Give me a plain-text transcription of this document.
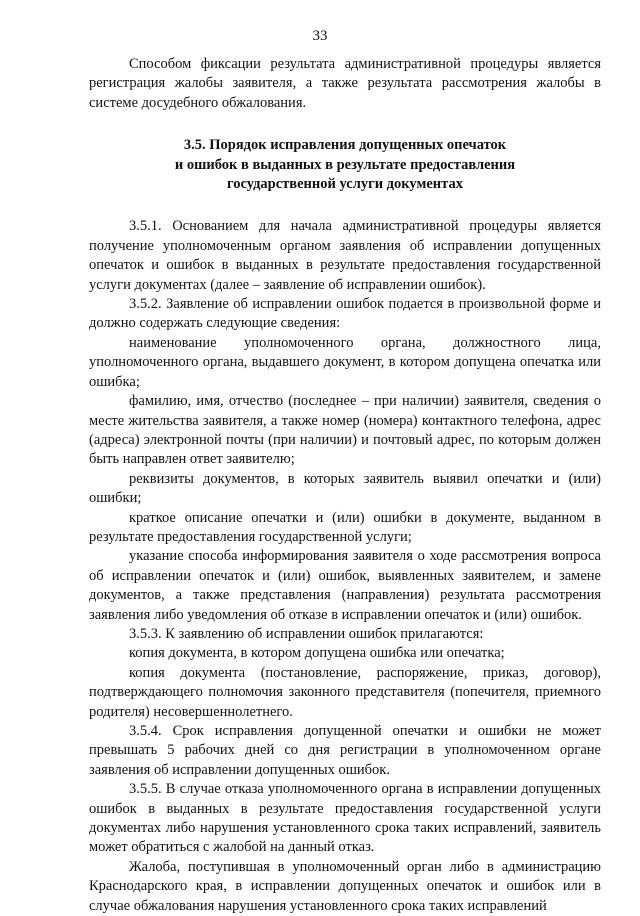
33

Способом фиксации результата административной процедуры является регистрация жалобы заявителя, а также результата рассмотрения жалобы в системе досудебного обжалования.

3.5. Порядок исправления допущенных опечаток
и ошибок в выданных в результате предоставления
государственной услуги документах

3.5.1. Основанием для начала административной процедуры является получение уполномоченным органом заявления об исправлении допущенных опечаток и ошибок в выданных в результате предоставления государственной услуги документах (далее – заявление об исправлении ошибок).

3.5.2. Заявление об исправлении ошибок подается в произвольной форме и должно содержать следующие сведения:

наименование уполномоченного органа, должностного лица, уполномоченного органа, выдавшего документ, в котором допущена опечатка или ошибка;

фамилию, имя, отчество (последнее – при наличии) заявителя, сведения о месте жительства заявителя, а также номер (номера) контактного телефона, адрес (адреса) электронной почты (при наличии) и почтовый адрес, по которым должен быть направлен ответ заявителю;

реквизиты документов, в которых заявитель выявил опечатки и (или) ошибки;

краткое описание опечатки и (или) ошибки в документе, выданном в результате предоставления государственной услуги;

указание способа информирования заявителя о ходе рассмотрения вопроса об исправлении опечаток и (или) ошибок, выявленных заявителем, и замене документов, а также представления (направления) результата рассмотрения заявления либо уведомления об отказе в исправлении опечаток и (или) ошибок.

3.5.3. К заявлению об исправлении ошибок прилагаются:

копия документа, в котором допущена ошибка или опечатка;

копия документа (постановление, распоряжение, приказ, договор), подтверждающего полномочия законного представителя (попечителя, приемного родителя) несовершеннолетнего.

3.5.4. Срок исправления допущенной опечатки и ошибки не может превышать 5 рабочих дней со дня регистрации в уполномоченном органе заявления об исправлении допущенных ошибок.

3.5.5. В случае отказа уполномоченного органа в исправлении допущенных ошибок в выданных в результате предоставления государственной услуги документах либо нарушения установленного срока таких исправлений, заявитель может обратиться с жалобой на данный отказ.

Жалоба, поступившая в уполномоченный орган либо в администрацию Краснодарского края, в исправлении допущенных опечаток и ошибок или в случае обжалования нарушения установленного срока таких исправлений
